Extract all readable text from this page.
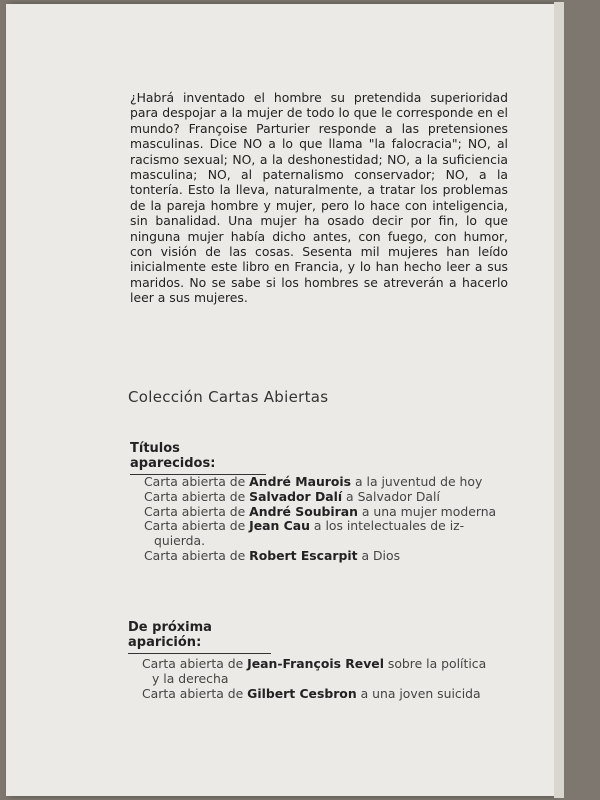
¿Habrá inventado el hombre su pretendida superioridad para despojar a la mujer de todo lo que le corresponde en el mundo? Françoise Parturier responde a las pretensiones masculinas. Dice NO a lo que llama "la falocracia"; NO, al racismo sexual; NO, a la deshonestidad; NO, a la suficiencia masculina; NO, al paternalismo conservador; NO, a la tontería. Esto la lleva, naturalmente, a tratar los problemas de la pareja hombre y mujer, pero lo hace con inteligencia, sin banalidad. Una mujer ha osado decir por fin, lo que ninguna mujer había dicho antes, con fuego, con humor, con visión de las cosas. Sesenta mil mujeres han leído inicialmente este libro en Francia, y lo han hecho leer a sus maridos. No se sabe si los hombres se atreverán a hacerlo leer a sus mujeres.

Colección Cartas Abiertas
Títulos aparecidos:
Carta abierta de André Maurois a la juventud de hoy
Carta abierta de Salvador Dalí a Salvador Dalí
Carta abierta de André Soubiran a una mujer moderna
Carta abierta de Jean Cau a los intelectuales de iz-
quierda.
Carta abierta de Robert Escarpit a Dios
De próxima aparición:
Carta abierta de Jean-François Revel sobre la política
y la derecha
Carta abierta de Gilbert Cesbron a una joven suicida
